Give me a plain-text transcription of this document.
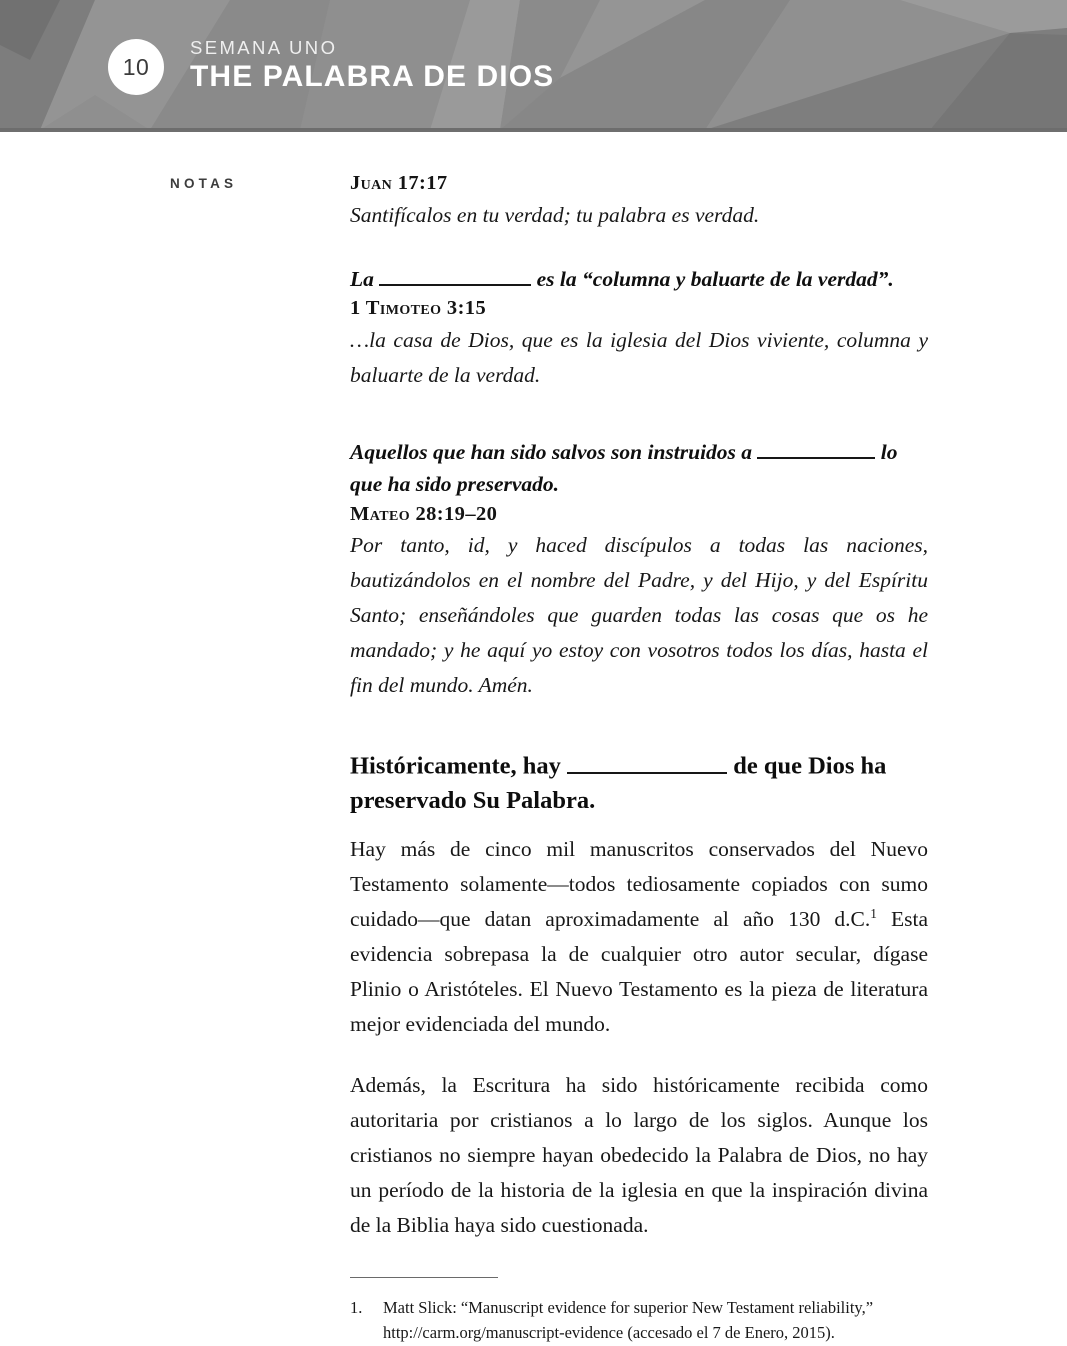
10
SEMANA UNO
THE PALABRA DE DIOS
NOTAS	Juan 17:17
Santifícalos en tu verdad; tu palabra es verdad.
La	es la “columna y baluarte de la verdad”.
1 Timoteo 3:15
…la casa de Dios, que es la iglesia del Dios viviente, columna y baluarte de la verdad.
Aquellos que han sido salvos son instruidos a	lo que ha sido preservado.
Mateo 28:19–20
Por tanto, id, y haced discípulos a todas las naciones, bautizándolos en el nombre del Padre, y del Hijo, y del Espíritu Santo; enseñándoles que guarden todas las cosas que os he mandado; y he aquí yo estoy con vosotros todos los días, hasta el fin del mundo. Amén.
Históricamente, hay	de que Dios ha preservado Su Palabra.
Hay más de cinco mil manuscritos conservados del Nuevo Testamento solamente—todos tediosamente copiados con sumo cuidado—que datan aproximadamente al año 130 d.C.$^1$ Esta evidencia sobrepasa la de cualquier otro autor secular, dígase Plinio o Aristóteles. El Nuevo Testamento es la pieza de literatura mejor evidenciada del mundo.
Además, la Escritura ha sido históricamente recibida como autoritaria por cristianos a lo largo de los siglos. Aunque los cristianos no siempre hayan obedecido la Palabra de Dios, no hay un período de la historia de la iglesia en que la inspiración divina de la Biblia haya sido cuestionada.
1.	Matt Slick: “Manuscript evidence for superior New Testament reliability,”
http://carm.org/manuscript-evidence (accesado el 7 de Enero, 2015).
